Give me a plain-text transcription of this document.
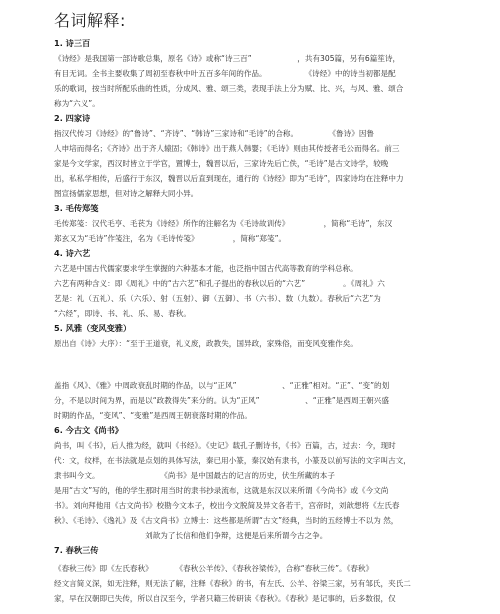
名词解释:
1. 诗三百
《诗经》是我国第一部诗歌总集，原名《诗》或称“诗三百”　　　　　　，共有305篇，另有6篇笙诗，
有目无词。全书主要收集了周初至春秋中叶五百多年间的作品。　　　　　　《诗经》中的诗当初都是配
乐的歌词，按当时所配乐曲的性质，分成风、雅、颂三类，表现手法上分为赋、比、兴，与风、雅、颂合
称为“六义”。
2. 四家诗
指汉代传习《诗经》的“鲁诗”、“齐诗”、“韩诗”三家诗和“毛诗”的合称。　　　　　《鲁诗》因鲁
人申培而得名；《齐诗》出于齐人辕固；《韩诗》出于燕人韩婴；《毛诗》则由其传授者毛公而得名。前三
家是今文学家，西汉时皆立于学官，置博士，魏晋以后，三家诗先后亡佚，“毛诗”是古文诗学，较晚
出，私私学相传，后盛行于东汉，魏晋以后直到现在，通行的《诗经》即为“毛诗”，四家诗均在注释中力
图宣扬儒家思想，但对诗之解释大同小异。
3. 毛传郑笺
毛传郑笺：汉代毛亨、毛苌为《诗经》所作的注解名为《毛诗故训传》　　　　　，简称“毛诗”，东汉
郑玄又为“毛诗”作笺注，名为《毛诗传笺》　　　　　，简称“郑笺”。
4. 诗六艺
六艺是中国古代儒家要求学生掌握的六种基本才能，也泛指中国古代高等教育的学科总称。
六艺有两种含义：即《周礼》中的“古六艺”和孔子提出的春秋以后的“六艺”　　　　　。《周礼》六
艺是：礼（五礼）、乐（六乐）、射（五射）、御（五御）、书（六书）、数（九数）。春秋后“六艺”为
“六经”，即诗、书、礼、乐、易、春秋。
5. 风雅（变风变雅）
原出自《诗》大序）：“至于王道衰，礼义废，政教失，国异政，家殊俗，而变风变雅作矣。
盖指《风》、《雅》中周政衰乱时期的作品，以与“正风”　　　　　　、“正雅”相对。“正”、“变”的划
分，不是以时间为界，而是以“政教得失”来分的。认为“正风”　　　　　　、“正雅”是西周王朝兴盛
时期的作品，“变风”、“变雅”是西周王朝衰落时期的作品。
6. 今古文《尚书》
尚书，叫《书》，后人推为经，就叫《书经》。《史记》载孔子删诗书，《书》百篇，古，过去：今，现时
代：文，纹样，在书法就是点划的具体写法，秦已用小篆，秦汉始有隶书，小篆及以前写法的文字叫古文，
隶书叫今文。　　　　　　　　　《尚书》是中国最古的记言的历史，伏生所藏的本子
是用“古文”写的，他的学生那时用当时的隶书抄录流布，这就是东汉以来所谓《今尚书》或《今文尚
书》。刘向拜他用《古文尚书》校勘今文本子，校出今文脱简及异文各若干，宫帝时，刘歆想将《左氏春
秋》、《毛诗》、《逸礼》及《古文尚书》立博士：这些都是所谓“古文”经典，当时的五经博士不以为 然，
　　　　　　　　　　　　刘歆为了长信和他们争辩，这便是后来所谓今古之争。
7. 春秋三传
《春秋三传》即《左氏春秋》　　　　《春秋公羊传》、《春秋谷梁传》，合称“春秋三传”。《春秋》
经文言简义深，如无注释，则无法了解，注释《春秋》的书，有左氏、公羊、谷梁三家，另有邹氏，夹氏二
家，早在汉朝即已失传，所以自汉至今，学者只籍三传研读《春秋》。《春秋》是记事的，后多数很，仅
